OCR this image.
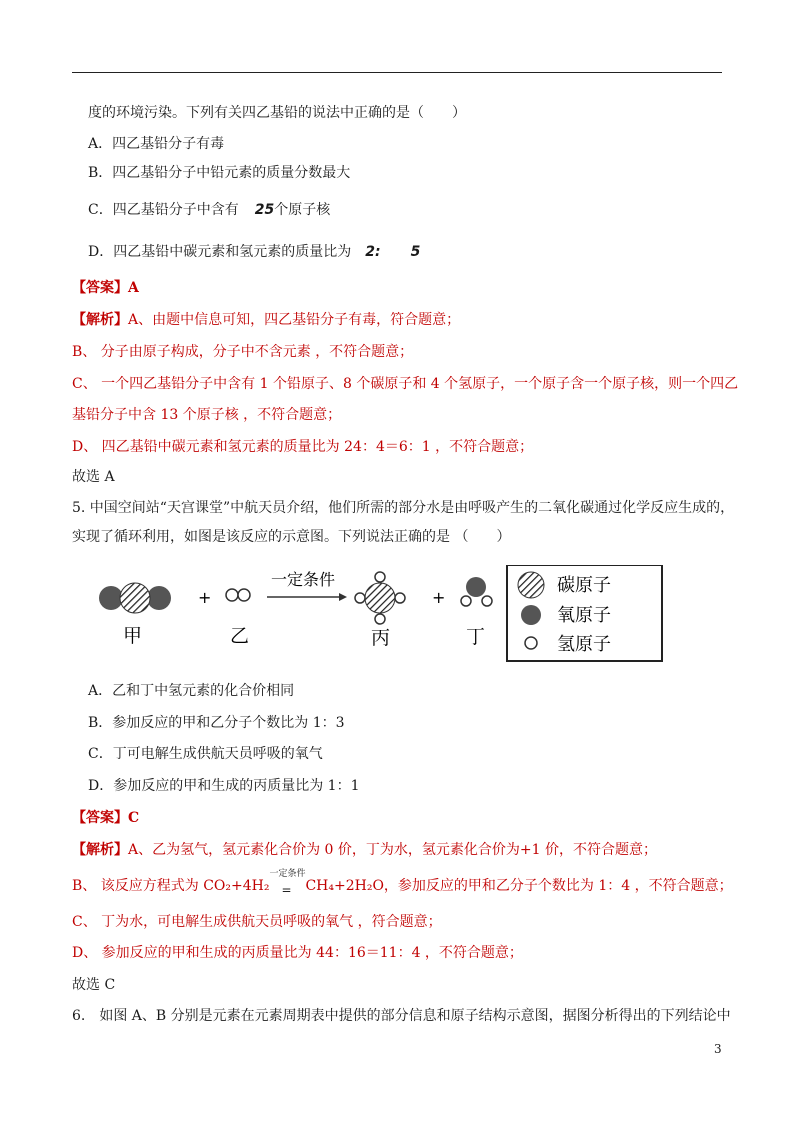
度的环境污染。下列有关四乙基铅的说法中正确的是（　　）
A．四乙基铅分子有毒
B．四乙基铅分子中铅元素的质量分数最大
C．四乙基铅分子中含有 25个原子核
D．四乙基铅中碳元素和氢元素的质量比为 2: 5
【答案】A
【解析】A、由题中信息可知，四乙基铅分子有毒，符合题意；
B、 分子由原子构成，分子中不含元素 ，不符合题意；
C、 一个四乙基铅分子中含有 1 个铅原子、8 个碳原子和 4 个氢原子，一个原子含一个原子核，则一个四乙
基铅分子中含 13 个原子核 ，不符合题意；
D、 四乙基铅中碳元素和氢元素的质量比为 24：4＝6：1 ，不符合题意；
故选 A
5. 中国空间站“天宫课堂”中航天员介绍，他们所需的部分水是由呼吸产生的二氧化碳通过化学反应生成的，
实现了循环利用，如图是该反应的示意图。下列说法正确的是 （　　）
甲
+
乙
一定条件
丙
+
丁
碳原子
氧原子
氢原子
A．乙和丁中氢元素的化合价相同
B．参加反应的甲和乙分子个数比为 1：3
C．丁可电解生成供航天员呼吸的氧气
D．参加反应的甲和生成的丙质量比为 1：1
【答案】C
【解析】A、乙为氢气，氢元素化合价为 0 价，丁为水，氢元素化合价为+1 价，不符合题意；
B、 该反应方程式为 CO₂+4H₂
一定条件
= CH₄+2H₂O，参加反应的甲和乙分子个数比为 1：4 ，不符合题意；
C、 丁为水，可电解生成供航天员呼吸的氧气 ，符合题意；
D、 参加反应的甲和生成的丙质量比为 44：16＝11：4 ，不符合题意；
故选 C
6.　如图 A、B 分别是元素在元素周期表中提供的部分信息和原子结构示意图，据图分析得出的下列结论中
3
